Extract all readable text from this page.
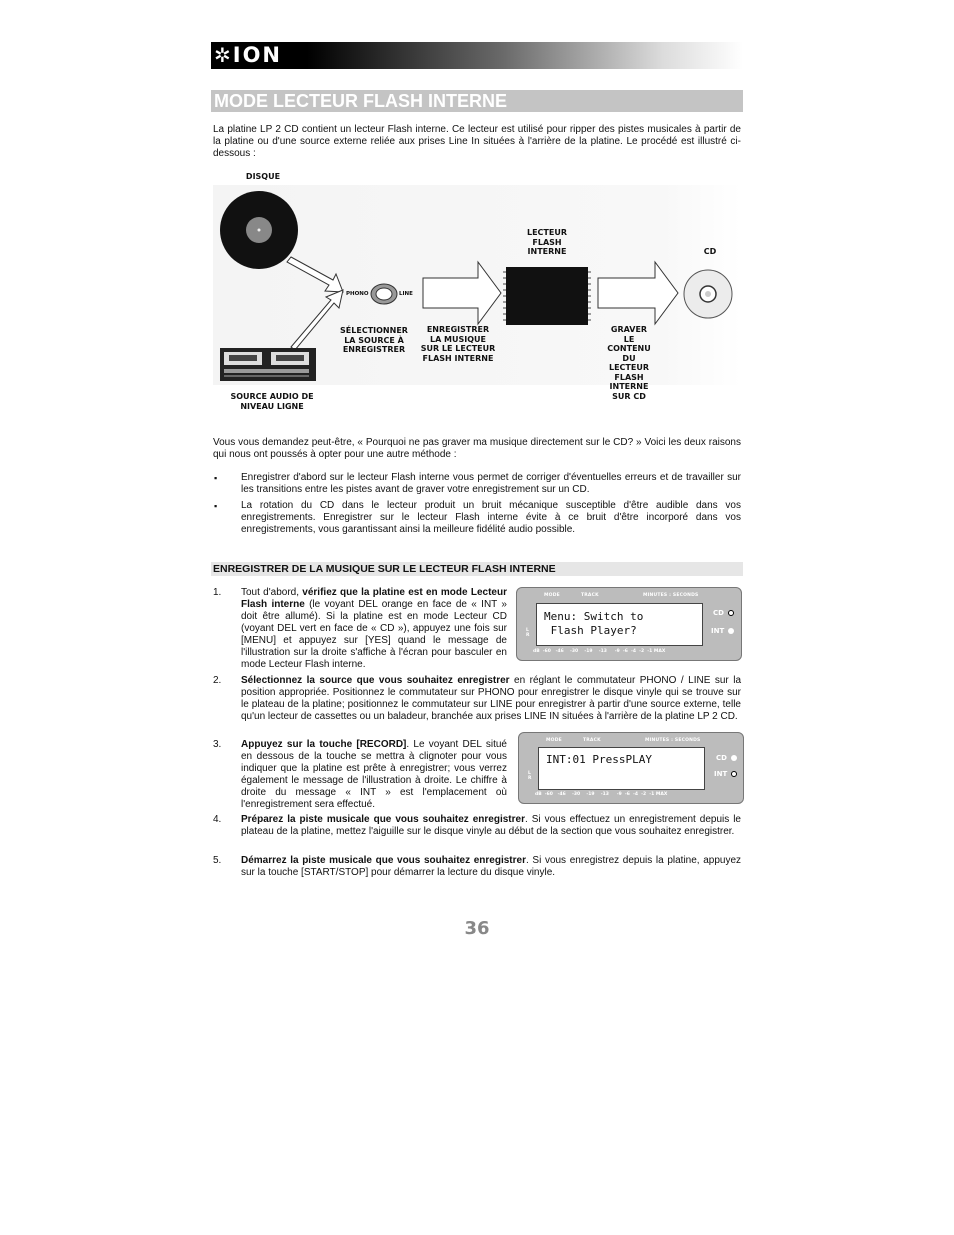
✲ION
MODE LECTEUR FLASH INTERNE

La platine LP 2 CD contient un lecteur Flash interne. Ce lecteur est utilisé pour ripper des pistes musicales à partir de la platine ou d'une source externe reliée aux prises Line In situées à l'arrière de la platine. Le procédé est illustré ci-dessous :

DISQUE
PHONO	LINE
LECTEUR
FLASH
INTERNE	CD
SÉLECTIONNER
LA SOURCE À
ENREGISTRER
ENREGISTRER
LA MUSIQUE
SUR LE LECTEUR
FLASH INTERNE
GRAVER
LE
CONTENU
DU
LECTEUR
FLASH
INTERNE
SUR CD
SOURCE AUDIO DE
NIVEAU LIGNE

Vous vous demandez peut-être, « Pourquoi ne pas graver ma musique directement sur le CD? » Voici les deux raisons qui nous ont poussés à opter pour une autre méthode :

▪ Enregistrer d'abord sur le lecteur Flash interne vous permet de corriger d'éventuelles erreurs et de travailler sur les transitions entre les pistes avant de graver votre enregistrement sur un CD.

▪ La rotation du CD dans le lecteur produit un bruit mécanique susceptible d'être audible dans vos enregistrements. Enregistrer sur le lecteur Flash interne évite à ce bruit d'être incorporé dans vos enregistrements, vous garantissant ainsi la meilleure fidélité audio possible.

ENREGISTRER DE LA MUSIQUE SUR LE LECTEUR FLASH INTERNE
1. Tout d'abord, vérifiez que la platine est en mode Lecteur Flash interne (le voyant DEL orange en face de « INT » doit être allumé). Si la platine est en mode Lecteur CD (voyant DEL vert en face de « CD »), appuyez une fois sur [MENU] et appuyez sur [YES] quand le message de l'illustration sur la droite s'affiche à l'écran pour basculer en mode Lecteur Flash interne.

MODE	TRACK	MINUTES : SECONDS
L
R
Menu: Switch to
Flash Player?
dB  -60   -46    -30    -19    -13     -9  -6  -4  -2  -1 MAX
CD
INT
2. Sélectionnez la source que vous souhaitez enregistrer en réglant le commutateur PHONO / LINE sur la position appropriée. Positionnez le commutateur sur PHONO pour enregistrer le disque vinyle qui se trouve sur le plateau de la platine; positionnez le commutateur sur LINE pour enregistrer à partir d'une source externe, telle qu'un lecteur de cassettes ou un baladeur, branchée aux prises LINE IN situées à l'arrière de la platine LP 2 CD.

3. Appuyez sur la touche [RECORD]. Le voyant DEL situé en dessous de la touche se mettra à clignoter pour vous indiquer que la platine est prête à enregistrer; vous verrez également le message de l'illustration à droite. Le chiffre à droite du message « INT » est l'emplacement où l'enregistrement sera effectué.

MODE	TRACK	MINUTES : SECONDS
L
R
INT:01 PressPLAY
dB  -60   -46    -30    -19    -13     -9  -6  -4  -2  -1 MAX
CD
INT
4. Préparez la piste musicale que vous souhaitez enregistrer. Si vous effectuez un enregistrement depuis le plateau de la platine, mettez l'aiguille sur le disque vinyle au début de la section que vous souhaitez enregistrer.

5. Démarrez la piste musicale que vous souhaitez enregistrer. Si vous enregistrez depuis la platine, appuyez sur la touche [START/STOP] pour démarrer la lecture du disque vinyle.

36
